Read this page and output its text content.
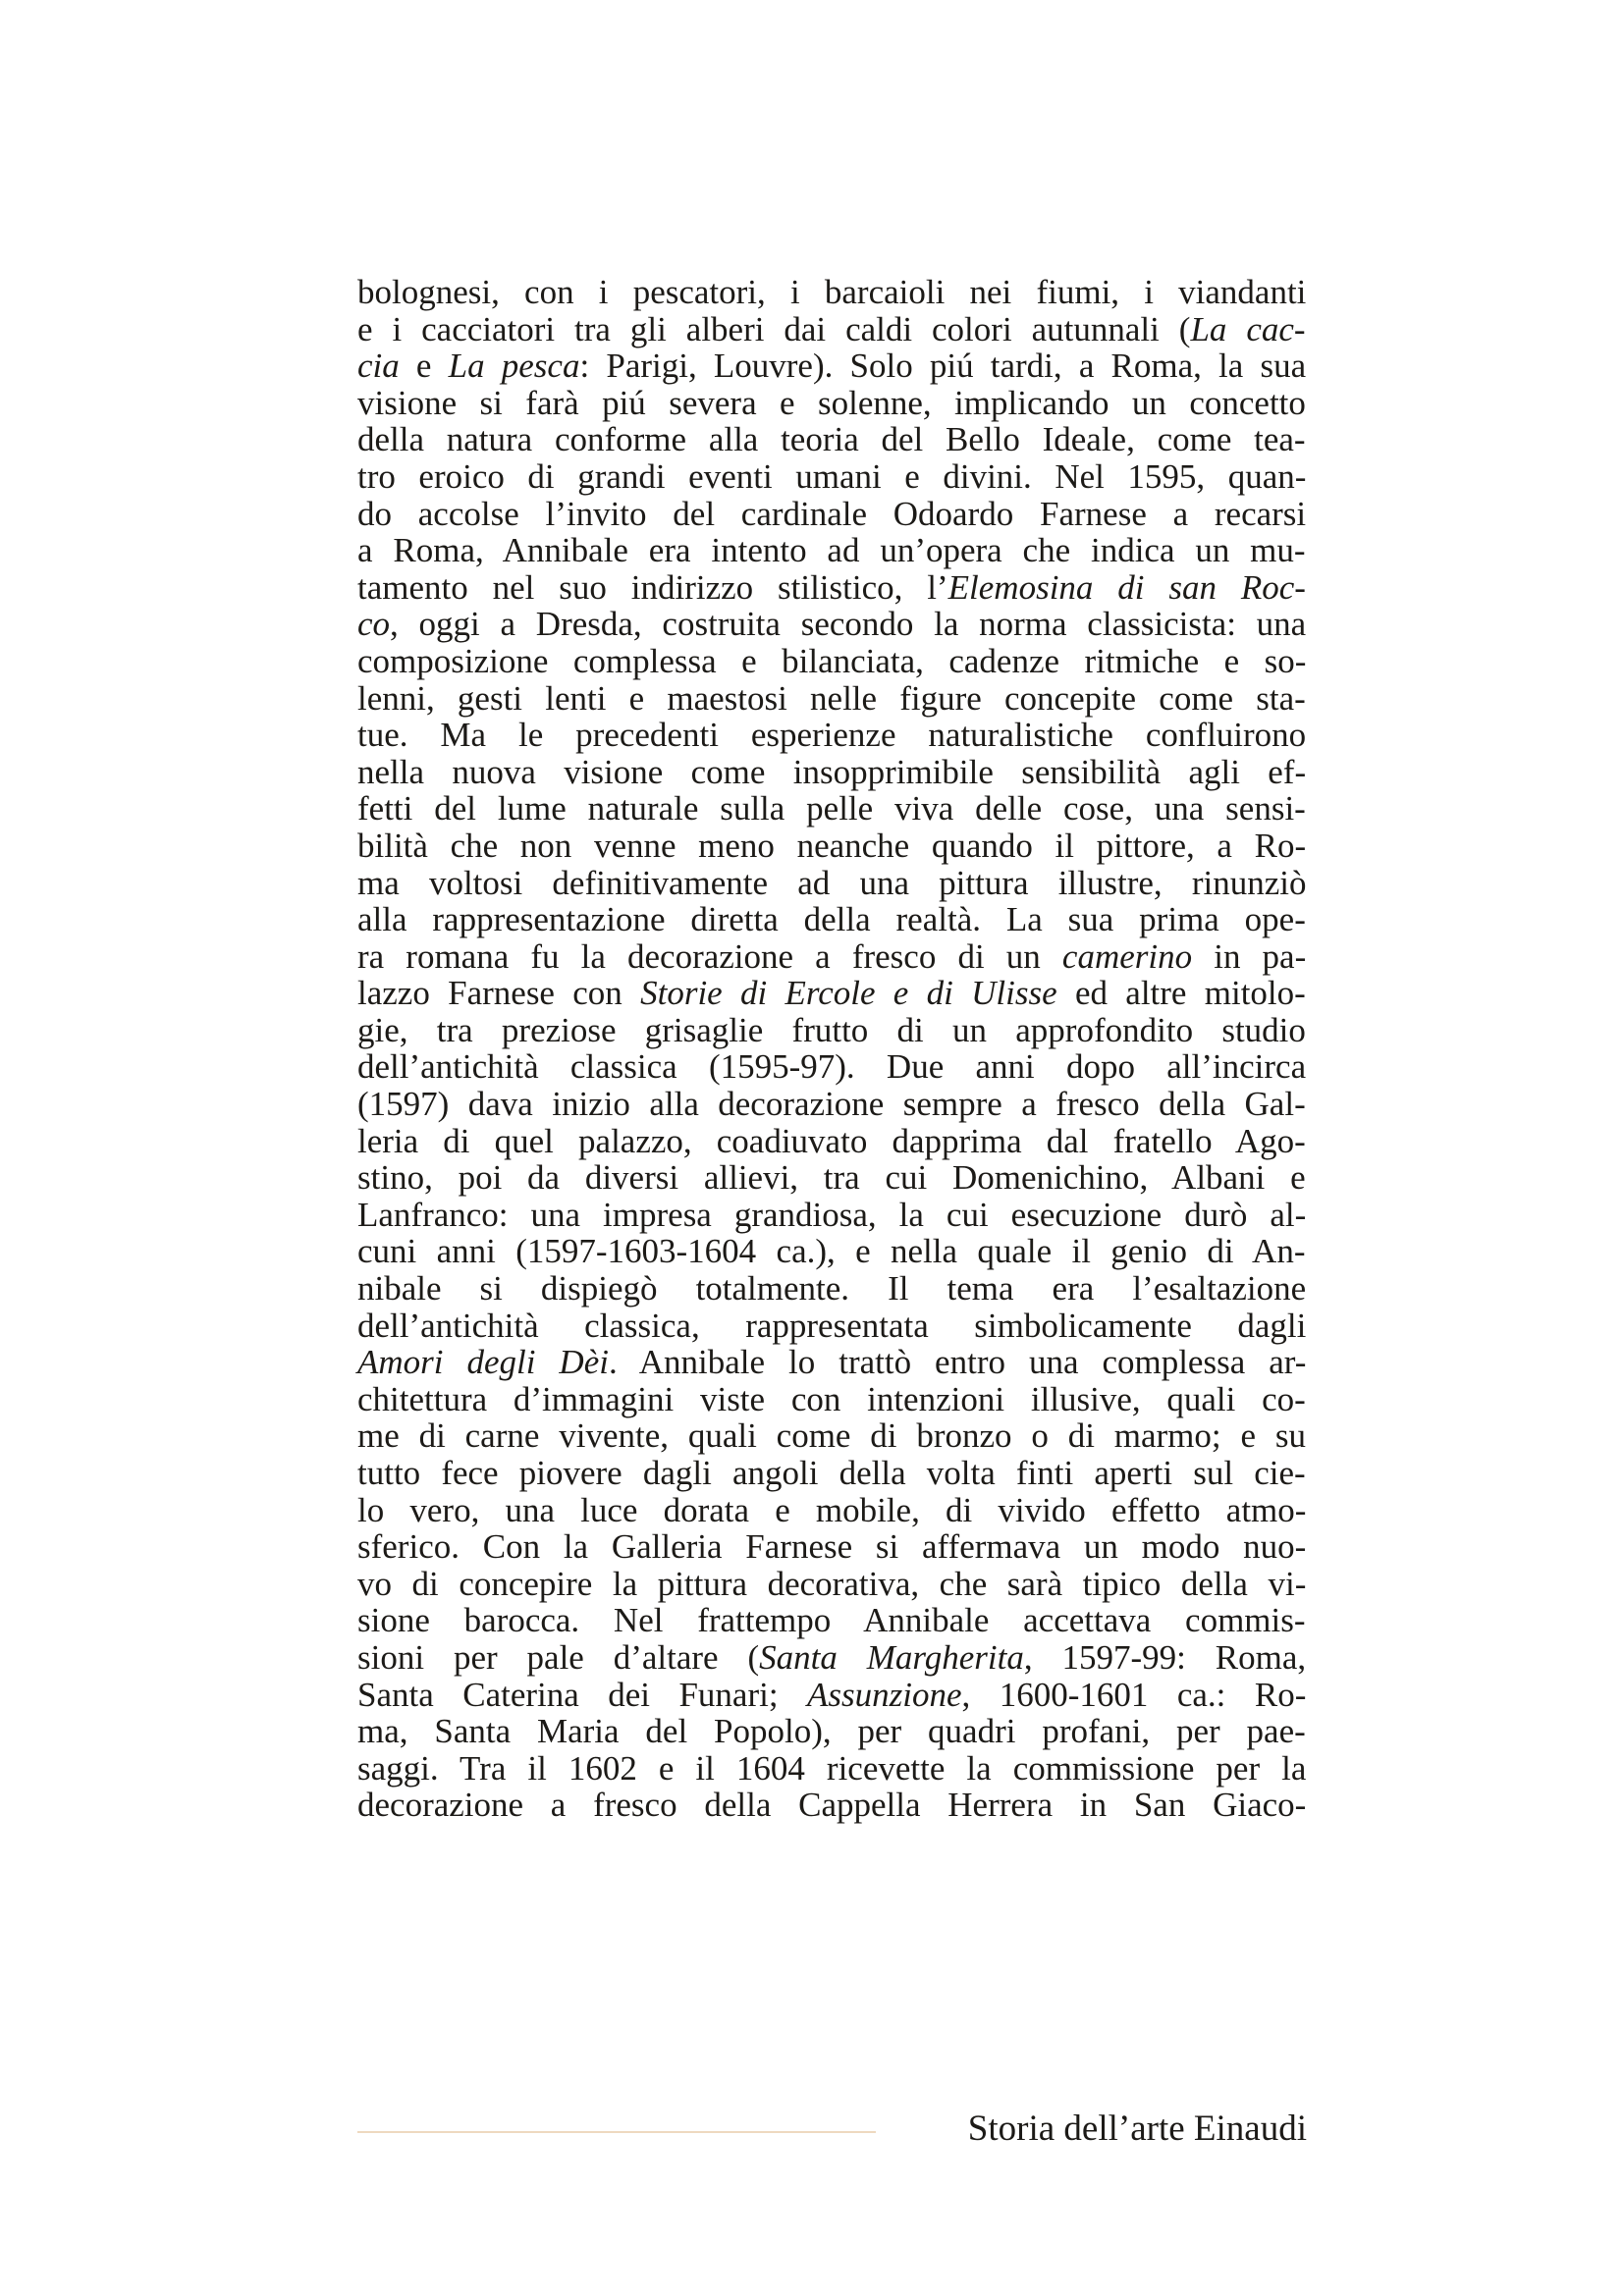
bolognesi, con i pescatori, i barcaioli nei fiumi, i viandanti
e i cacciatori tra gli alberi dai caldi colori autunnali (La cac-
cia e La pesca: Parigi, Louvre). Solo piú tardi, a Roma, la sua
visione si farà piú severa e solenne, implicando un concetto
della natura conforme alla teoria del Bello Ideale, come tea-
tro eroico di grandi eventi umani e divini. Nel 1595, quan-
do accolse l’invito del cardinale Odoardo Farnese a recarsi
a Roma, Annibale era intento ad un’opera che indica un mu-
tamento nel suo indirizzo stilistico, l’Elemosina di san Roc-
co, oggi a Dresda, costruita secondo la norma classicista: una
composizione complessa e bilanciata, cadenze ritmiche e so-
lenni, gesti lenti e maestosi nelle figure concepite come sta-
tue. Ma le precedenti esperienze naturalistiche confluirono
nella nuova visione come insopprimibile sensibilità agli ef-
fetti del lume naturale sulla pelle viva delle cose, una sensi-
bilità che non venne meno neanche quando il pittore, a Ro-
ma voltosi definitivamente ad una pittura illustre, rinunziò
alla rappresentazione diretta della realtà. La sua prima ope-
ra romana fu la decorazione a fresco di un camerino in pa-
lazzo Farnese con Storie di Ercole e di Ulisse ed altre mitolo-
gie, tra preziose grisaglie frutto di un approfondito studio
dell’antichità classica (1595-97). Due anni dopo all’incirca
(1597) dava inizio alla decorazione sempre a fresco della Gal-
leria di quel palazzo, coadiuvato dapprima dal fratello Ago-
stino, poi da diversi allievi, tra cui Domenichino, Albani e
Lanfranco: una impresa grandiosa, la cui esecuzione durò al-
cuni anni (1597-1603-1604 ca.), e nella quale il genio di An-
nibale si dispiegò totalmente. Il tema era l’esaltazione
dell’antichità classica, rappresentata simbolicamente dagli
Amori degli Dèi. Annibale lo trattò entro una complessa ar-
chitettura d’immagini viste con intenzioni illusive, quali co-
me di carne vivente, quali come di bronzo o di marmo; e su
tutto fece piovere dagli angoli della volta finti aperti sul cie-
lo vero, una luce dorata e mobile, di vivido effetto atmo-
sferico. Con la Galleria Farnese si affermava un modo nuo-
vo di concepire la pittura decorativa, che sarà tipico della vi-
sione barocca. Nel frattempo Annibale accettava commis-
sioni per pale d’altare (Santa Margherita, 1597-99: Roma,
Santa Caterina dei Funari; Assunzione, 1600-1601 ca.: Ro-
ma, Santa Maria del Popolo), per quadri profani, per pae-
saggi. Tra il 1602 e il 1604 ricevette la commissione per la
decorazione a fresco della Cappella Herrera in San Giaco-
Storia dell’arte Einaudi
